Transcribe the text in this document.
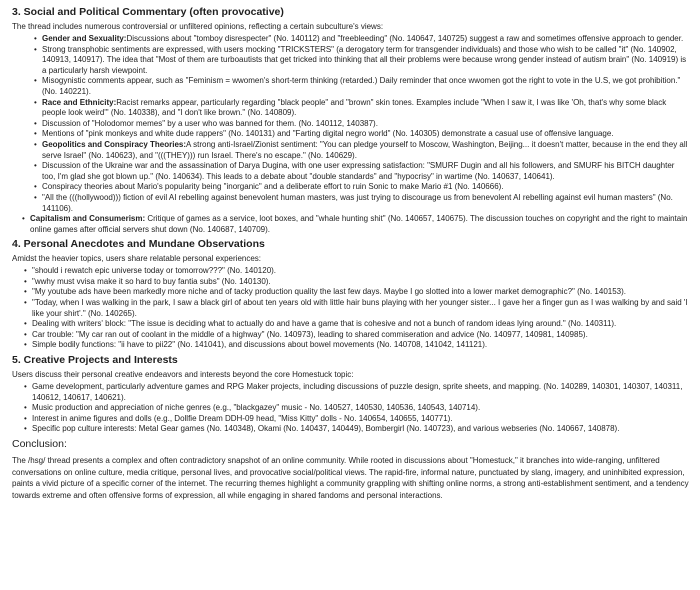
3. Social and Political Commentary (often provocative)

The thread includes numerous controversial or unfiltered opinions, reflecting a certain subculture's views:

• Gender and Sexuality:Discussions about "tomboy disrespecter" (No. 140112) and "freebleeding" (No. 140647, 140725) suggest a raw and sometimes offensive approach to gender.
• Strong transphobic sentiments are expressed, with users mocking "TRICKSTERS" (a derogatory term for transgender individuals) and those who wish to be called "it" (No. 140902, 140913, 140917). The idea that "Most of them are turboautists that get tricked into thinking that all their problems were because wrong gender instead of autism brain" (No. 140919) is a particularly harsh viewpoint.
• Misogynistic comments appear, such as "Feminism = wwomen's short-term thinking (retarded.) Daily reminder that once wwomen got the right to vote in the U.S, we got prohibition." (No. 140221).
• Race and Ethnicity:Racist remarks appear, particularly regarding "black people" and "brown" skin tones. Examples include "When I saw it, I was like 'Oh, that's why some black people look weird'" (No. 140338), and "I don't like brown." (No. 140809).
• Discussion of "Holodomor memes" by a user who was banned for them. (No. 140112, 140387).
• Mentions of "pink monkeys and white dude rappers" (No. 140131) and "Farting digital negro world" (No. 140305) demonstrate a casual use of offensive language.
• Geopolitics and Conspiracy Theories:A strong anti-Israel/Zionist sentiment: "You can pledge yourself to Moscow, Washington, Beijing... it doesn't matter, because in the end they all serve Israel" (No. 140623), and "(((THEY))) run Israel. There's no escape." (No. 140629).
• Discussion of the Ukraine war and the assassination of Darya Dugina, with one user expressing satisfaction: "SMURF Dugin and all his followers, and SMURF his BITCH daughter too, I'm glad she got blown up." (No. 140634). This leads to a debate about "double standards" and "hypocrisy" in wartime (No. 140637, 140641).
• Conspiracy theories about Mario's popularity being "inorganic" and a deliberate effort to ruin Sonic to make Mario #1 (No. 140666).
• "All the (((hollywood))) fiction of evil AI rebelling against benevolent human masters, was just trying to discourage us from benevolent AI rebelling against evil human masters" (No. 141106).
• Capitalism and Consumerism: Critique of games as a service, loot boxes, and "whale hunting shit" (No. 140657, 140675). The discussion touches on copyright and the right to maintain online games after official servers shut down (No. 140687, 140709).
4. Personal Anecdotes and Mundane Observations

Amidst the heavier topics, users share relatable personal experiences:

• "should i rewatch epic universe today or tomorrow???" (No. 140120).
• "wwhy must vvisa make it so hard to buy fantia subs" (No. 140130).
• "My youtube ads have been markedly more niche and of tacky production quality the last few days. Maybe I go slotted into a lower market demographic?" (No. 140153).
• "Today, when I was walking in the park, I saw a black girl of about ten years old with little hair buns playing with her younger sister... I gave her a finger gun as I was walking by and said 'I like your shirt'." (No. 140265).
• Dealing with writers' block: "The issue is deciding what to actually do and have a game that is cohesive and not a bunch of random ideas lying around." (No. 140311).
• Car trouble: "My car ran out of coolant in the middle of a highway" (No. 140973), leading to shared commiseration and advice (No. 140977, 140981, 140985).
• Simple bodily functions: "ii have to pii22" (No. 141041), and discussions about bowel movements (No. 140708, 141042, 141121).
5. Creative Projects and Interests

Users discuss their personal creative endeavors and interests beyond the core Homestuck topic:

• Game development, particularly adventure games and RPG Maker projects, including discussions of puzzle design, sprite sheets, and mapping. (No. 140289, 140301, 140307, 140311, 140612, 140617, 140621).
• Music production and appreciation of niche genres (e.g., "blackgazey" music - No. 140527, 140530, 140536, 140543, 140714).
• Interest in anime figures and dolls (e.g., Dollfie Dream DDH-09 head, "Miss Kitty" dolls - No. 140654, 140655, 140771).
• Specific pop culture interests: Metal Gear games (No. 140348), Okami (No. 140437, 140449), Bombergirl (No. 140723), and various webseries (No. 140667, 140878).
Conclusion:

The /hsg/ thread presents a complex and often contradictory snapshot of an online community. While rooted in discussions about "Homestuck," it branches into wide-ranging, unfiltered conversations on online culture, media critique, personal lives, and provocative social/political views. The rapid-fire, informal nature, punctuated by slang, imagery, and uninhibited expression, paints a vivid picture of a specific corner of the internet. The recurring themes highlight a community grappling with shifting online norms, a strong anti-establishment sentiment, and a tendency towards extreme and often offensive forms of expression, all while engaging in shared fandoms and personal interactions.
